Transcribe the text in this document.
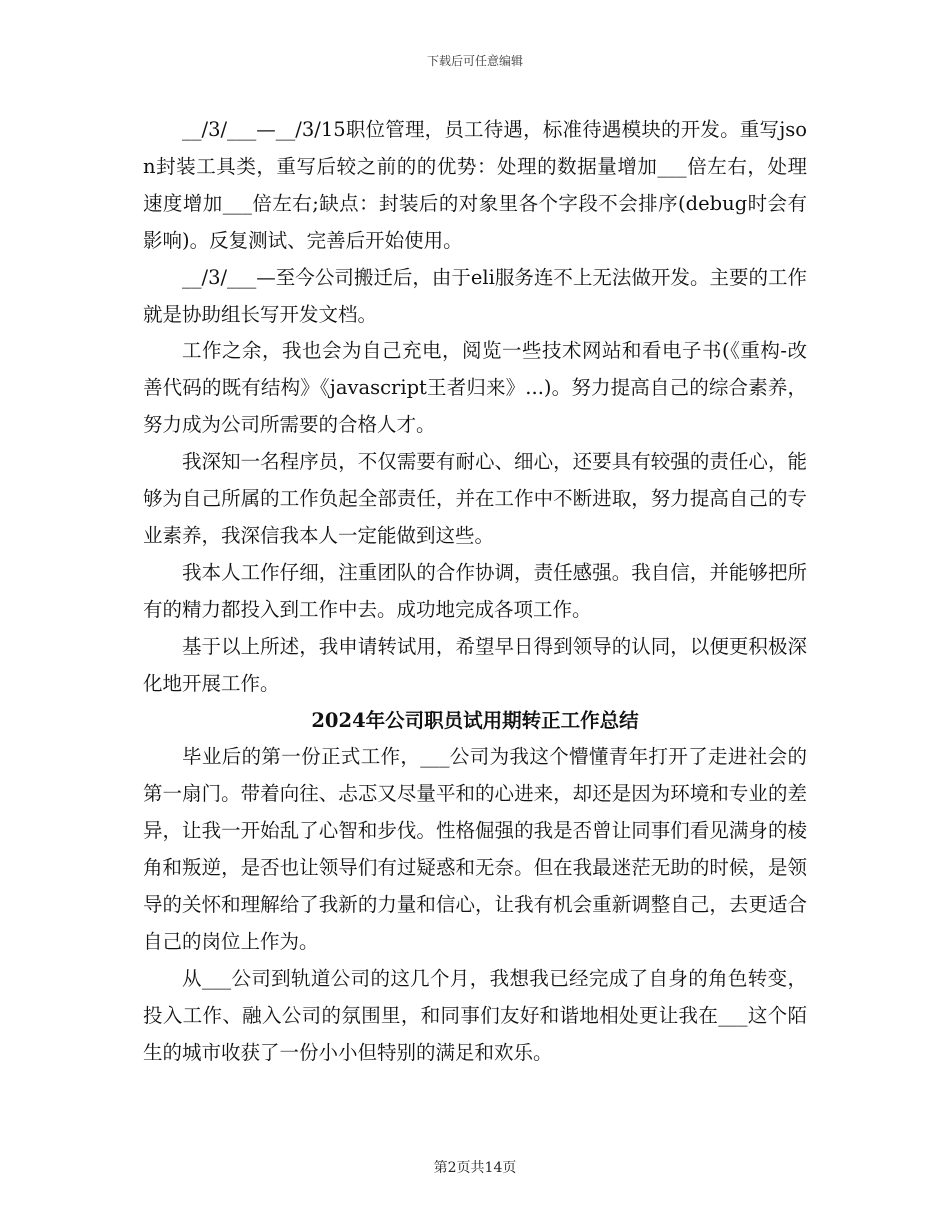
下载后可任意编辑

__/3/___—__/3/15职位管理，员工待遇，标准待遇模块的开发。重写json封装工具类，重写后较之前的的优势：处理的数据量增加___倍左右，处理速度增加___倍左右;缺点：封装后的对象里各个字段不会排序(debug时会有影响)。反复测试、完善后开始使用。

__/3/___—至今公司搬迁后，由于eli服务连不上无法做开发。主要的工作就是协助组长写开发文档。

工作之余，我也会为自己充电，阅览一些技术网站和看电子书(《重构-改善代码的既有结构》《javascript王者归来》...)。努力提高自己的综合素养，努力成为公司所需要的合格人才。

我深知一名程序员，不仅需要有耐心、细心，还要具有较强的责任心，能够为自己所属的工作负起全部责任，并在工作中不断进取，努力提高自己的专业素养，我深信我本人一定能做到这些。

我本人工作仔细，注重团队的合作协调，责任感强。我自信，并能够把所有的精力都投入到工作中去。成功地完成各项工作。

基于以上所述，我申请转试用，希望早日得到领导的认同，以便更积极深化地开展工作。

2024年公司职员试用期转正工作总结

毕业后的第一份正式工作，___公司为我这个懵懂青年打开了走进社会的第一扇门。带着向往、忐忑又尽量平和的心进来，却还是因为环境和专业的差异，让我一开始乱了心智和步伐。性格倔强的我是否曾让同事们看见满身的棱角和叛逆，是否也让领导们有过疑惑和无奈。但在我最迷茫无助的时候，是领导的关怀和理解给了我新的力量和信心，让我有机会重新调整自己，去更适合自己的岗位上作为。

从___公司到轨道公司的这几个月，我想我已经完成了自身的角色转变，投入工作、融入公司的氛围里，和同事们友好和谐地相处更让我在___这个陌生的城市收获了一份小小但特别的满足和欢乐。

第2页共14页
